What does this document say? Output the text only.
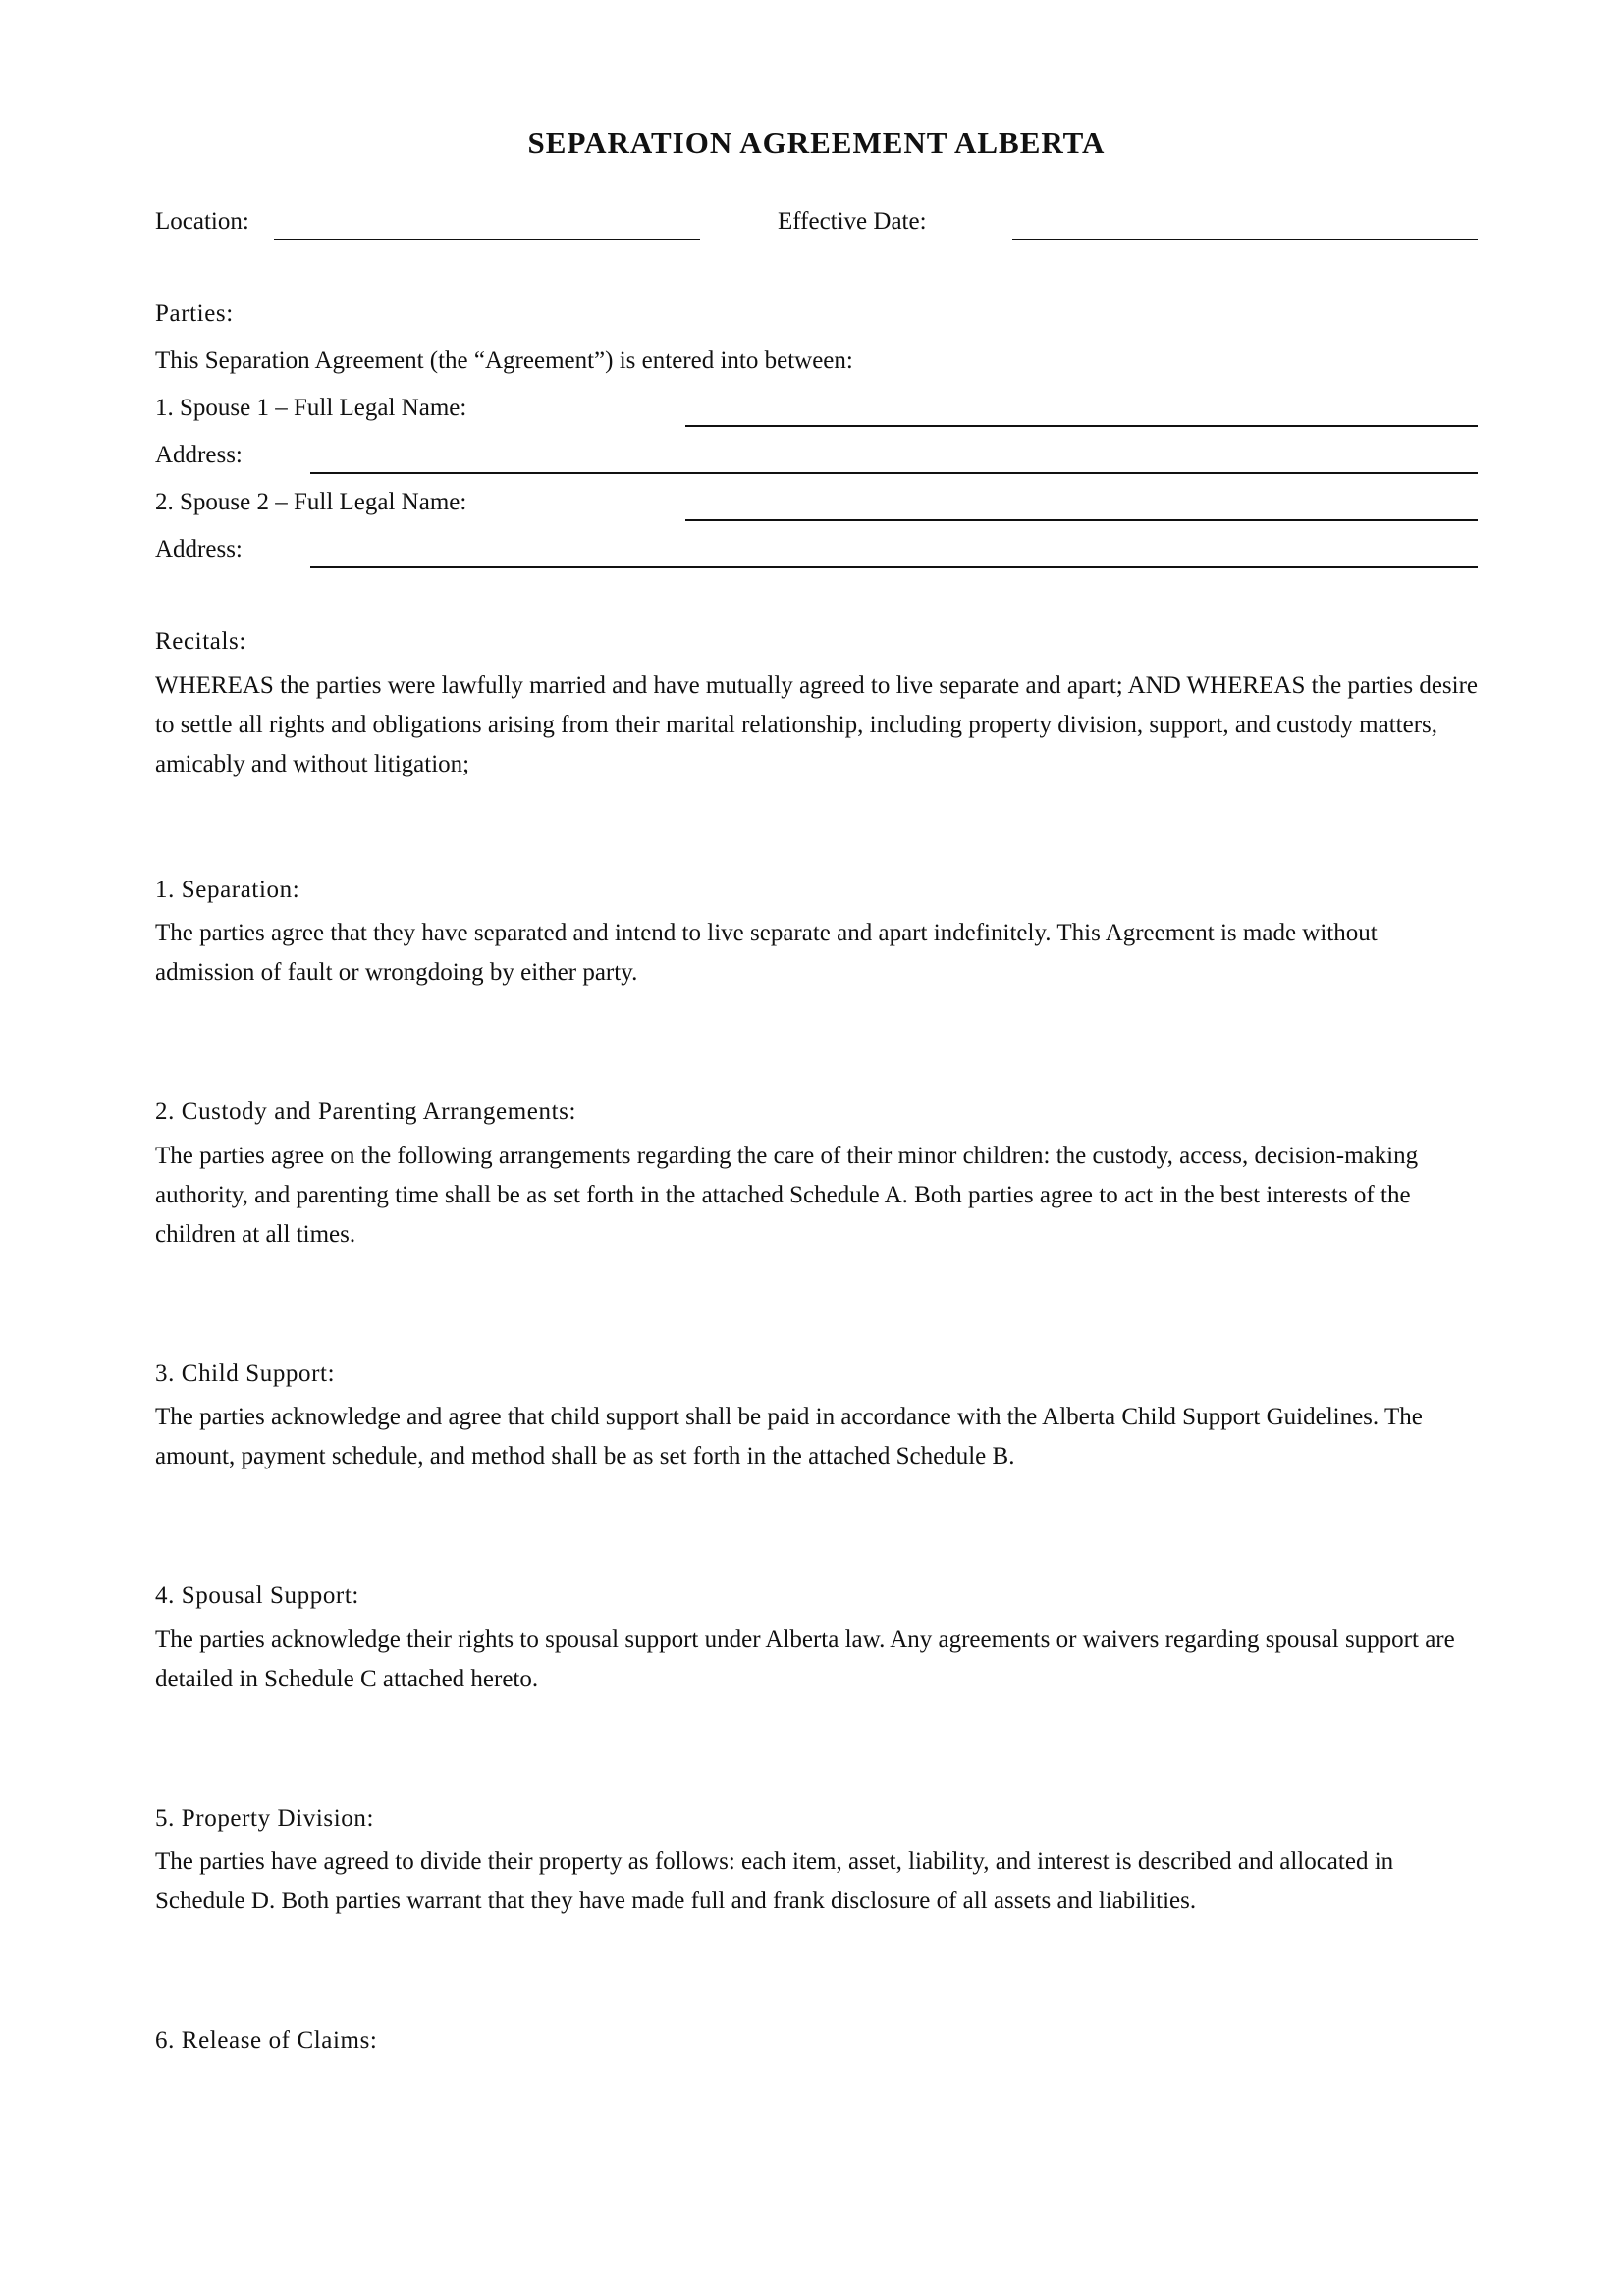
SEPARATION AGREEMENT ALBERTA
Location:	Effective Date:
Parties:
This Separation Agreement (the “Agreement”) is entered into between:
1. Spouse 1 – Full Legal Name:
Address:
2. Spouse 2 – Full Legal Name:
Address:
Recitals:

WHEREAS the parties were lawfully married and have mutually agreed to live separate and apart; AND WHEREAS the parties desire to settle all rights and obligations arising from their marital relationship, including property division, support, and custody matters, amicably and without litigation;

1. Separation:

The parties agree that they have separated and intend to live separate and apart indefinitely. This Agreement is made without admission of fault or wrongdoing by either party.

2. Custody and Parenting Arrangements:

The parties agree on the following arrangements regarding the care of their minor children: the custody, access, decision-making authority, and parenting time shall be as set forth in the attached Schedule A. Both parties agree to act in the best interests of the children at all times.

3. Child Support:

The parties acknowledge and agree that child support shall be paid in accordance with the Alberta Child Support Guidelines. The amount, payment schedule, and method shall be as set forth in the attached Schedule B.

4. Spousal Support:

The parties acknowledge their rights to spousal support under Alberta law. Any agreements or waivers regarding spousal support are detailed in Schedule C attached hereto.

5. Property Division:

The parties have agreed to divide their property as follows: each item, asset, liability, and interest is described and allocated in Schedule D. Both parties warrant that they have made full and frank disclosure of all assets and liabilities.

6. Release of Claims:
